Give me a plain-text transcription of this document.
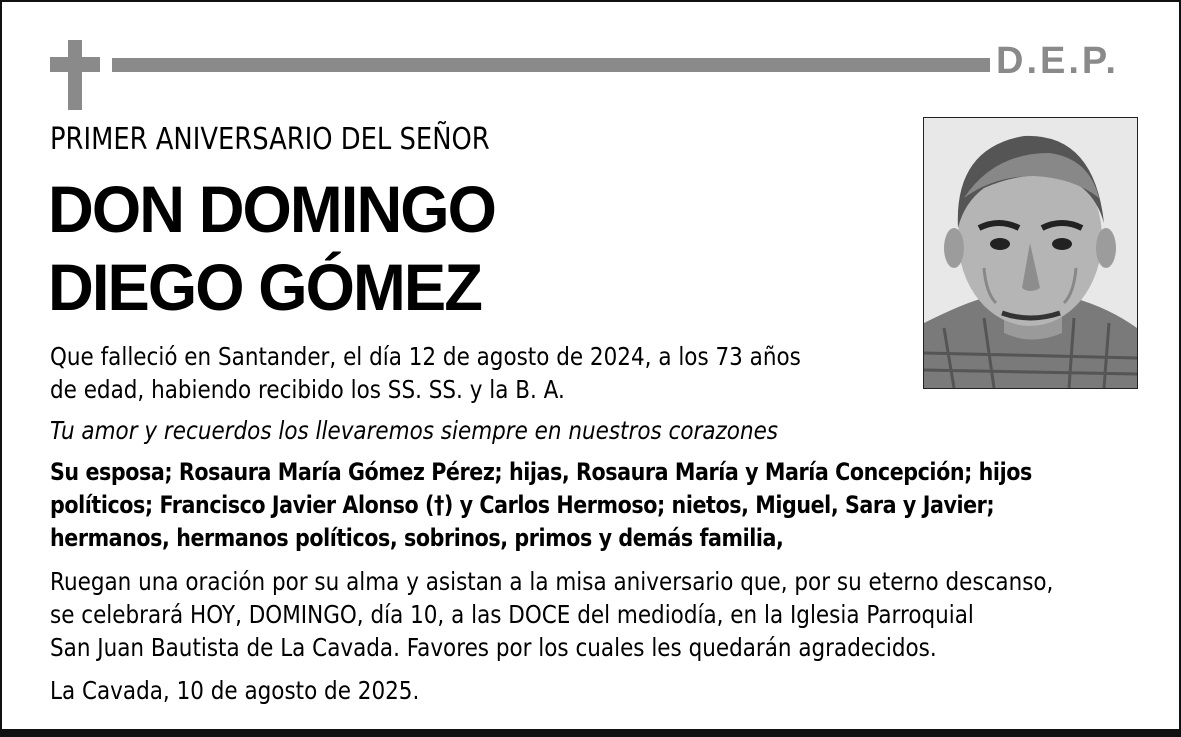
D.E.P.
PRIMER ANIVERSARIO DEL SEÑOR
DON DOMINGO
DIEGO GÓMEZ
Que falleció en Santander, el día 12 de agosto de 2024, a los 73 años
de edad, habiendo recibido los SS. SS. y la B. A.
Tu amor y recuerdos los llevaremos siempre en nuestros corazones
Su esposa; Rosaura María Gómez Pérez; hijas, Rosaura María y María Concepción; hijos
políticos; Francisco Javier Alonso (†) y Carlos Hermoso; nietos, Miguel, Sara y Javier;
hermanos, hermanos políticos, sobrinos, primos y demás familia,
Ruegan una oración por su alma y asistan a la misa aniversario que, por su eterno descanso,
se celebrará HOY, DOMINGO, día 10, a las DOCE del mediodía, en la Iglesia Parroquial
San Juan Bautista de La Cavada. Favores por los cuales les quedarán agradecidos.
La Cavada, 10 de agosto de 2025.
